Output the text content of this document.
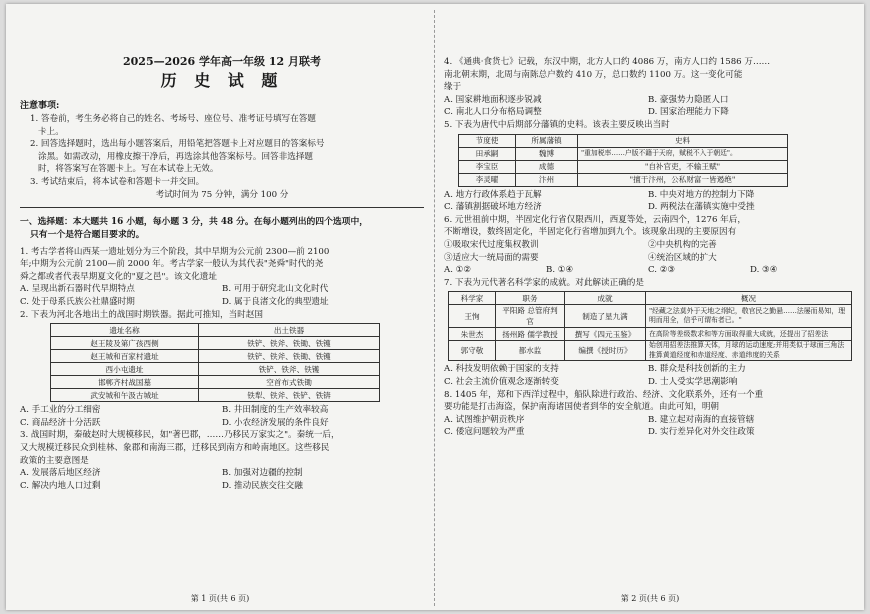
2025—2026 学年高一年级 12 月联考
历 史 试 题
注意事项:
1. 答卷前，考生务必将自己的姓名、考场号、座位号、准考证号填写在答题
卡上。
2. 回答选择题时，选出每小题答案后，用铅笔把答题卡上对应题目的答案标号
涂黑。如需改动，用橡皮擦干净后，再选涂其他答案标号。回答非选择题
时，将答案写在答题卡上。写在本试卷上无效。
3. 考试结束后，将本试卷和答题卡一并交回。
考试时间为 75 分钟，满分 100 分
一、选择题：本大题共 16 小题，每小题 3 分，共 48 分。在每小题列出的四个选项中，
只有一个是符合题目要求的。
1. 考古学者将山西某一遗址划分为三个阶段，其中早期为公元前 2300—前 2100
年;中期为公元前 2100—前 2000 年。考古学家一般认为其代表"尧舜"时代的尧
舜之都或者代表早期夏文化的"夏之邑"。该文化遗址
A. 呈现出新石器时代早期特点	B. 可用于研究北山文化时代
C. 处于母系氏族公社鼎盛时期	D. 属于良渚文化的典型遗址
2. 下表为河北各地出土的战国时期铁器。据此可推知，当时赵国
遗址名称	出土铁器
赵王陵及第广孩西侧	铁铲、铁斧、铁锄、铁镬
赵王城和百家村遗址	铁铲、铁斧、铁锄、铁镬
西小屯遗址	铁铲、铁斧、铁镬
邯郸齐村战国墓	空首布式铁锄
武安城和午汲古城址	铁犁、铁斧、铁铲、铁锛
A. 手工业的分工细密	B. 井田制度的生产效率较高
C. 商品经济十分活跃	D. 小农经济发展的条件良好
3. 战国时期，秦破赵时大规模移民，如"著巴郡，……乃移民万家实之"。秦统一后，
又大规模迁移民众到桂林、象郡和南海三郡，迁移民到南方和岭南地区。这些移民
政策的主要意图是
A. 发展落后地区经济	B. 加强对边疆的控制
C. 解决内地人口过剩	D. 推动民族交往交融
第 1 页(共 6 页)
4. 《通典·食货七》记载，东汉中期，北方人口约 4086 万，南方人口约 1586 万……
南北朝末期，北周与南陈总户数约 410 万，总口数约 1100 万。这一变化可能
缘于
A. 国家耕地面积逐步锐减	B. 豪强势力隐匿人口
C. 南北人口分布格局调整	D. 国家治理能力下降
5. 下表为唐代中后期部分藩镇的史料。该表主要反映出当时
节度使	所属藩镇	史料
田承嗣	魏博	"重加税率……户版不籍于天府，赋税不入于朝廷"。
李宝臣	成德	"自补官吏，不输王赋"
李灵曜	汴州	"擅于汴州，公私财富一皆遏绝"
A. 地方行政体系趋于瓦解	B. 中央对地方的控制力下降
C. 藩镇割据破坏地方经济	D. 两税法在藩镇实施中受挫
6. 元世祖前中期，半固定化行省仅限西川，西夏等处，云南四个，1276 年后，
不断增设，数终固定化，半固定化行省增加到九个。该现象出现的主要原因有
①吸取宋代过度集权教训	②中央机构的完善
③适应大一统局面的需要	④统治区域的扩大
A. ①②	B. ①④	C. ②③	D. ③④
7. 下表为元代著名科学家的成就。对此解读正确的是
科学家	职务	成就	概况
王恂	平阳路 总管府判官	制造了星九满	"经藏之法莫外于天地之纲纪，敬官民之勤悬……法屡而易知，理明而用全，信乎可谓布者已。"
朱世杰	扬州路 儒学教授	撰写《四元玉鉴》	在高阶等差级数求和等方面取得重大成就，还提出了招差法
郭守敬	都水监	编撰《授时历》	始创用招差法推算天体，月球的运动速度;并用类似于球面三角法推算黄道经度和赤道经度、赤道纬度的关系
A. 科技发明依赖于国家的支持	B. 群众是科技创新的主力
C. 社会主流价值观念逐渐转变	D. 士人受实学思潮影响
8. 1405 年，郑和下西洋过程中，船队除进行政治、经济、文化联系外，还有一个重
要功能是打击海盗，保护南海诸国使者到华的安全航道。由此可知，明朝
A. 试图维护朝贡秩序	B. 建立起对南海的直接管辖
C. 倭寇问题较为严重	D. 实行差异化对外交往政策
第 2 页(共 6 页)
